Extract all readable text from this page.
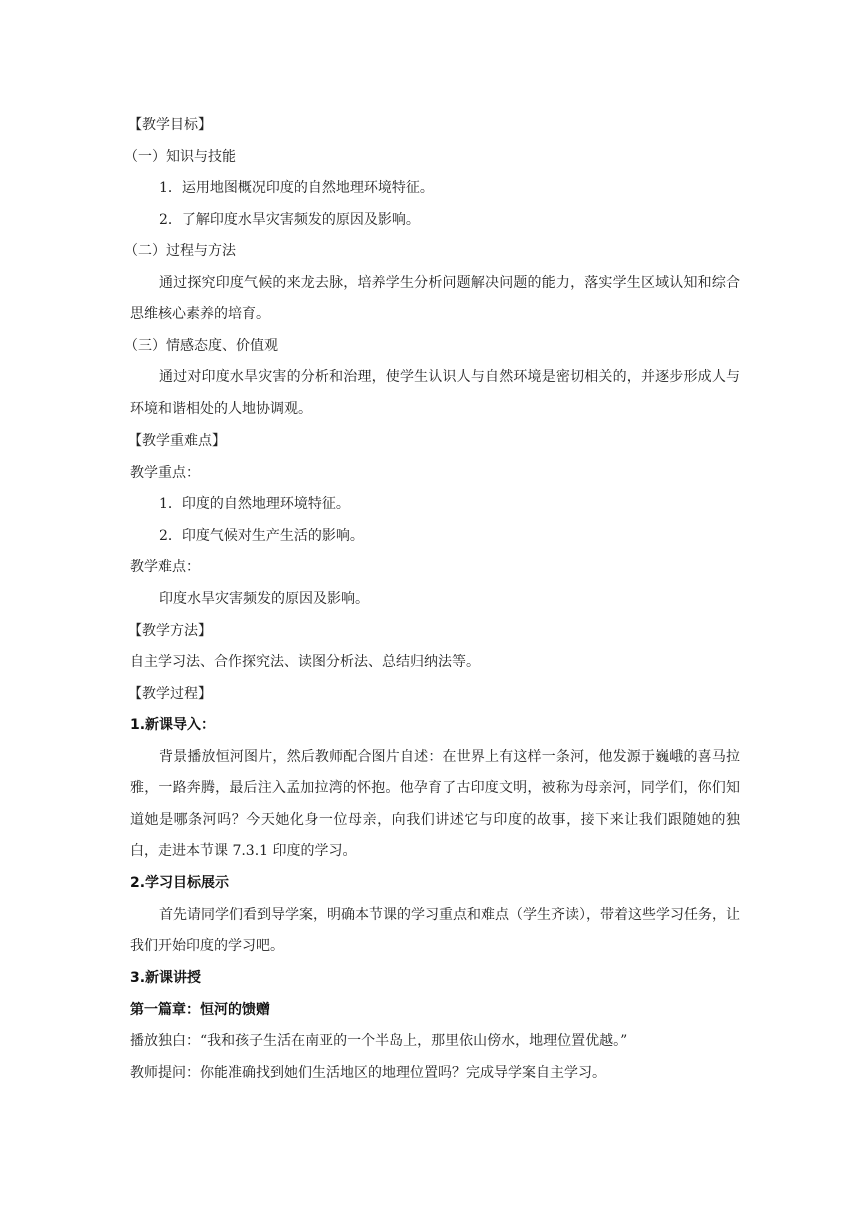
【教学目标】
（一）知识与技能
1．运用地图概况印度的自然地理环境特征。
2．了解印度水旱灾害频发的原因及影响。
（二）过程与方法
通过探究印度气候的来龙去脉，培养学生分析问题解决问题的能力，落实学生区域认知和综合思维核心素养的培育。
（三）情感态度、价值观
通过对印度水旱灾害的分析和治理，使学生认识人与自然环境是密切相关的，并逐步形成人与环境和谐相处的人地协调观。
【教学重难点】
教学重点：
1．印度的自然地理环境特征。
2．印度气候对生产生活的影响。
教学难点：
印度水旱灾害频发的原因及影响。
【教学方法】
自主学习法、合作探究法、读图分析法、总结归纳法等。
【教学过程】
1.新课导入：
背景播放恒河图片，然后教师配合图片自述：在世界上有这样一条河，他发源于巍峨的喜马拉雅，一路奔腾，最后注入孟加拉湾的怀抱。他孕育了古印度文明，被称为母亲河，同学们，你们知道她是哪条河吗？今天她化身一位母亲，向我们讲述它与印度的故事，接下来让我们跟随她的独白，走进本节课 7.3.1 印度的学习。
2.学习目标展示
首先请同学们看到导学案，明确本节课的学习重点和难点（学生齐读），带着这些学习任务，让我们开始印度的学习吧。
3.新课讲授
第一篇章：恒河的馈赠
播放独白：“我和孩子生活在南亚的一个半岛上，那里依山傍水，地理位置优越。”
教师提问：你能准确找到她们生活地区的地理位置吗？完成导学案自主学习。
